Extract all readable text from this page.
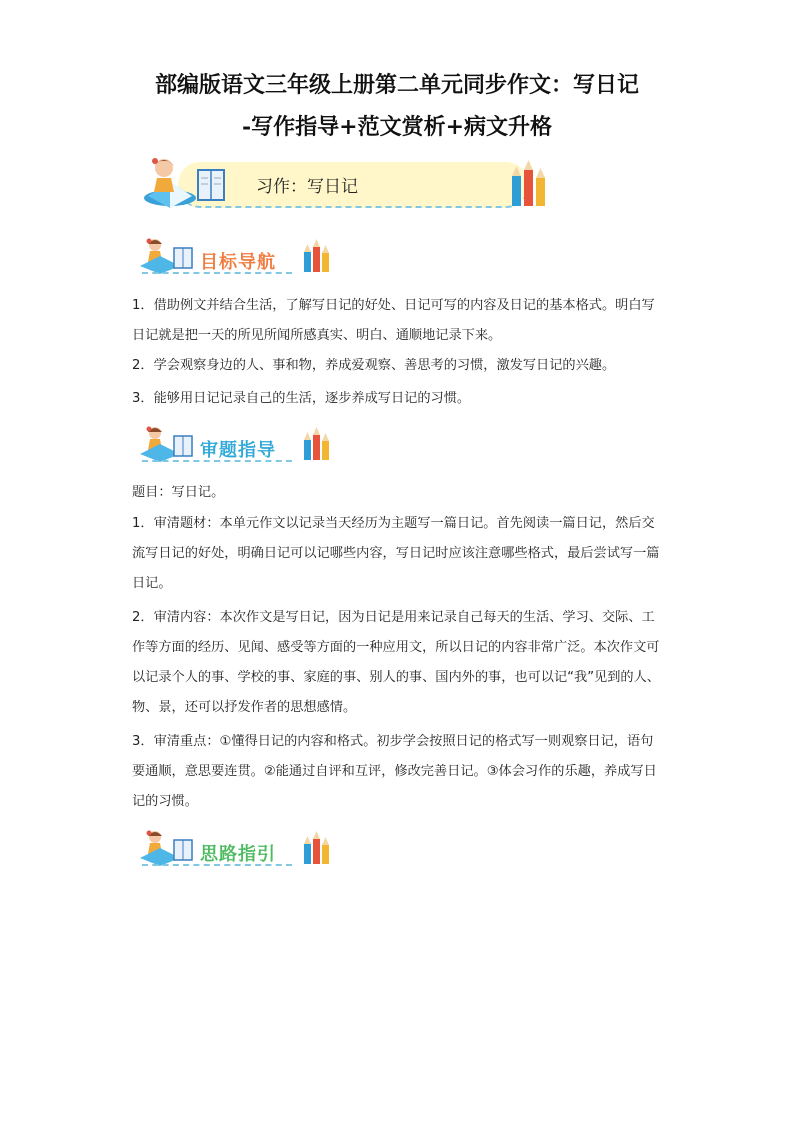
部编版语文三年级上册第二单元同步作文：写日记
-写作指导+范文赏析+病文升格
习作：写日记
目标导航
1．借助例文并结合生活，了解写日记的好处、日记可写的内容及日记的基本格式。明白写日记就是把一天的所见所闻所感真实、明白、通顺地记录下来。
2．学会观察身边的人、事和物，养成爱观察、善思考的习惯，激发写日记的兴趣。
3．能够用日记记录自己的生活，逐步养成写日记的习惯。
审题指导
题目：写日记。
1．审清题材：本单元作文以记录当天经历为主题写一篇日记。首先阅读一篇日记，然后交流写日记的好处，明确日记可以记哪些内容，写日记时应该注意哪些格式，最后尝试写一篇日记。
2．审清内容：本次作文是写日记，因为日记是用来记录自己每天的生活、学习、交际、工作等方面的经历、见闻、感受等方面的一种应用文，所以日记的内容非常广泛。本次作文可以记录个人的事、学校的事、家庭的事、别人的事、国内外的事，也可以记“我”见到的人、物、景，还可以抒发作者的思想感情。
3．审清重点：①懂得日记的内容和格式。初步学会按照日记的格式写一则观察日记，语句要通顺，意思要连贯。②能通过自评和互评，修改完善日记。③体会习作的乐趣，养成写日记的习惯。
思路指引
